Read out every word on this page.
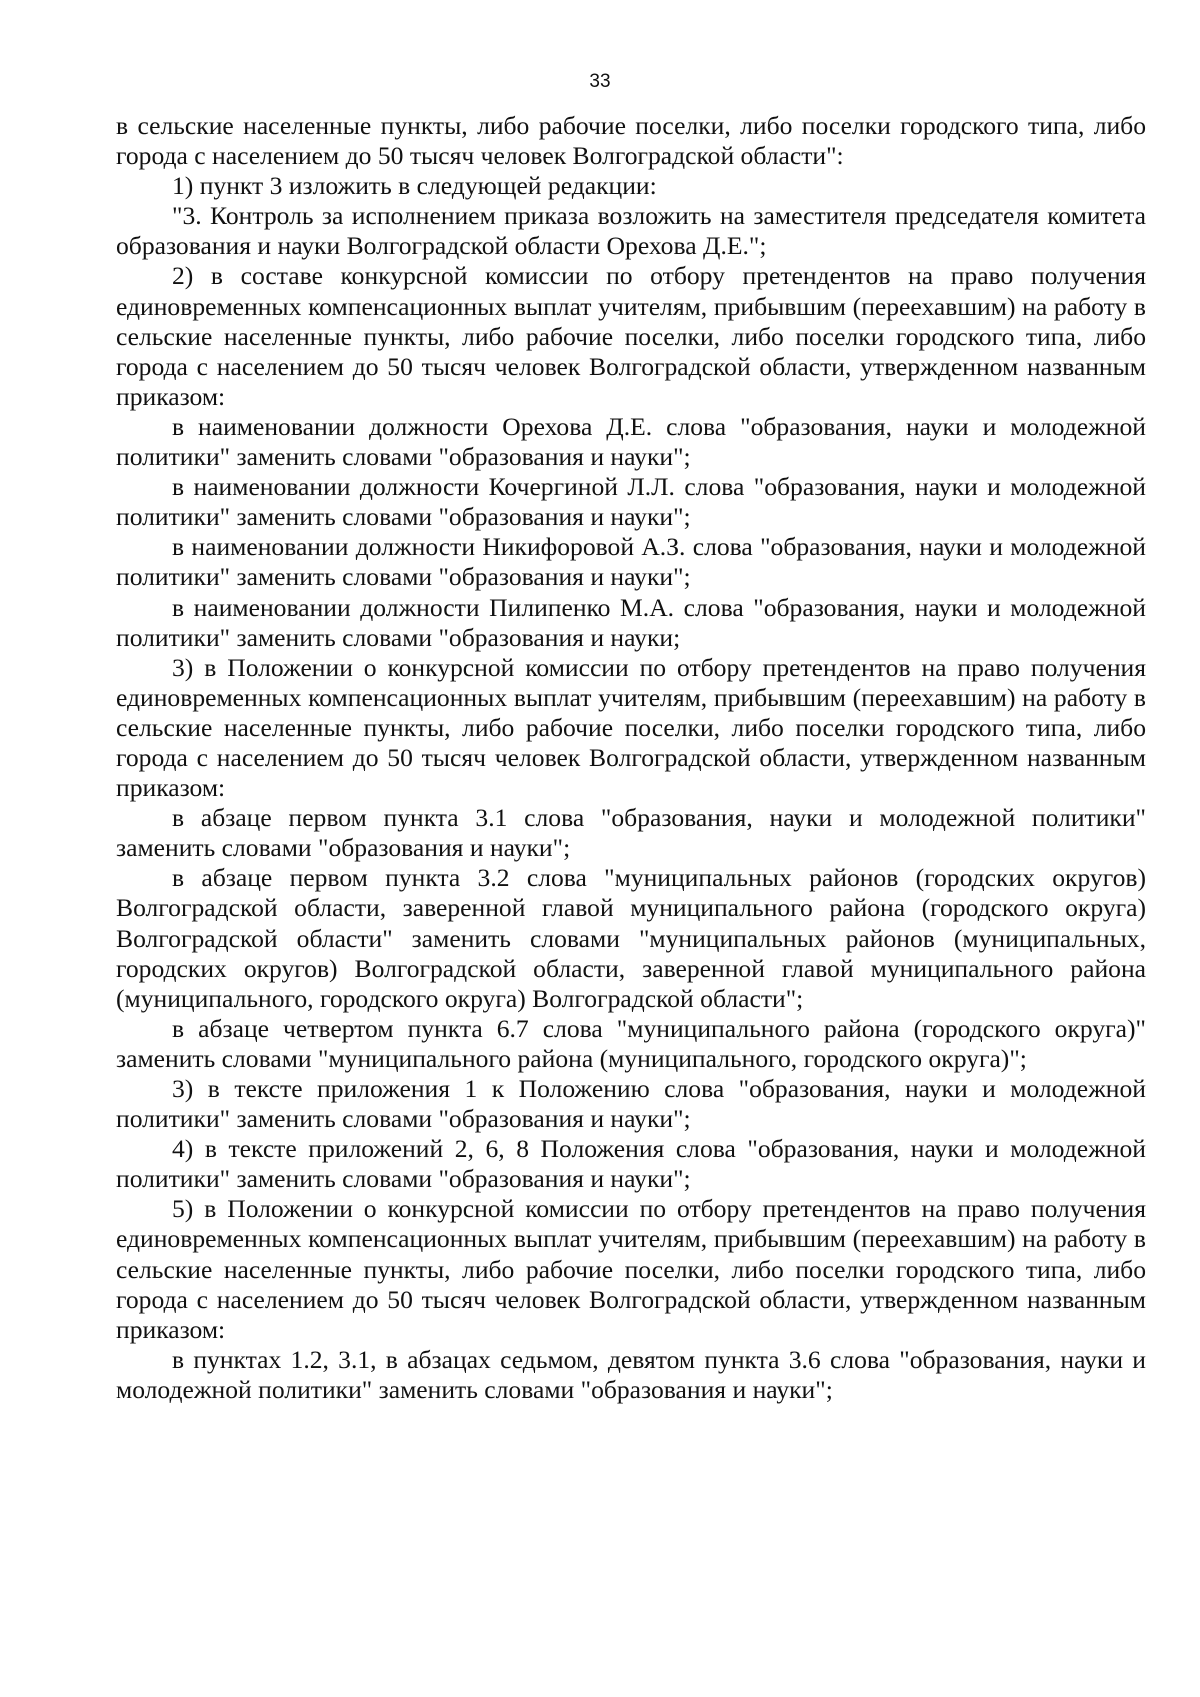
33

в сельские населенные пункты, либо рабочие поселки, либо поселки городского типа, либо города с населением до 50 тысяч человек Волгоградской области":

1) пункт 3 изложить в следующей редакции:

"3. Контроль за исполнением приказа возложить на заместителя председателя комитета образования и науки Волгоградской области Орехова Д.Е.";

2) в составе конкурсной комиссии по отбору претендентов на право получения единовременных компенсационных выплат учителям, прибывшим (переехавшим) на работу в сельские населенные пункты, либо рабочие поселки, либо поселки городского типа, либо города с населением до 50 тысяч человек Волгоградской области, утвержденном названным приказом:

в наименовании должности Орехова Д.Е. слова "образования, науки и молодежной политики" заменить словами "образования и науки";

в наименовании должности Кочергиной Л.Л. слова "образования, науки и молодежной политики" заменить словами "образования и науки";

в наименовании должности Никифоровой А.З. слова "образования, науки и молодежной политики" заменить словами "образования и науки";

в наименовании должности Пилипенко М.А. слова "образования, науки и молодежной политики" заменить словами "образования и науки;

3) в Положении о конкурсной комиссии по отбору претендентов на право получения единовременных компенсационных выплат учителям, прибывшим (переехавшим) на работу в сельские населенные пункты, либо рабочие поселки, либо поселки городского типа, либо города с населением до 50 тысяч человек Волгоградской области, утвержденном названным приказом:

в абзаце первом пункта 3.1 слова "образования, науки и молодежной политики" заменить словами "образования и науки";

в абзаце первом пункта 3.2 слова "муниципальных районов (городских округов) Волгоградской области, заверенной главой муниципального района (городского округа) Волгоградской области" заменить словами "муниципальных районов (муниципальных, городских округов) Волгоградской области, заверенной главой муниципального района (муниципального, городского округа) Волгоградской области";

в абзаце четвертом пункта 6.7 слова "муниципального района (городского округа)" заменить словами "муниципального района (муниципального, городского округа)";

3) в тексте приложения 1 к Положению слова "образования, науки и молодежной политики" заменить словами "образования и науки";

4) в тексте приложений 2, 6, 8 Положения слова "образования, науки и молодежной политики" заменить словами "образования и науки";

5) в Положении о конкурсной комиссии по отбору претендентов на право получения единовременных компенсационных выплат учителям, прибывшим (переехавшим) на работу в сельские населенные пункты, либо рабочие поселки, либо поселки городского типа, либо города с населением до 50 тысяч человек Волгоградской области, утвержденном названным приказом:

в пунктах 1.2, 3.1, в абзацах седьмом, девятом пункта 3.6 слова "образования, науки и молодежной политики" заменить словами "образования и науки";
